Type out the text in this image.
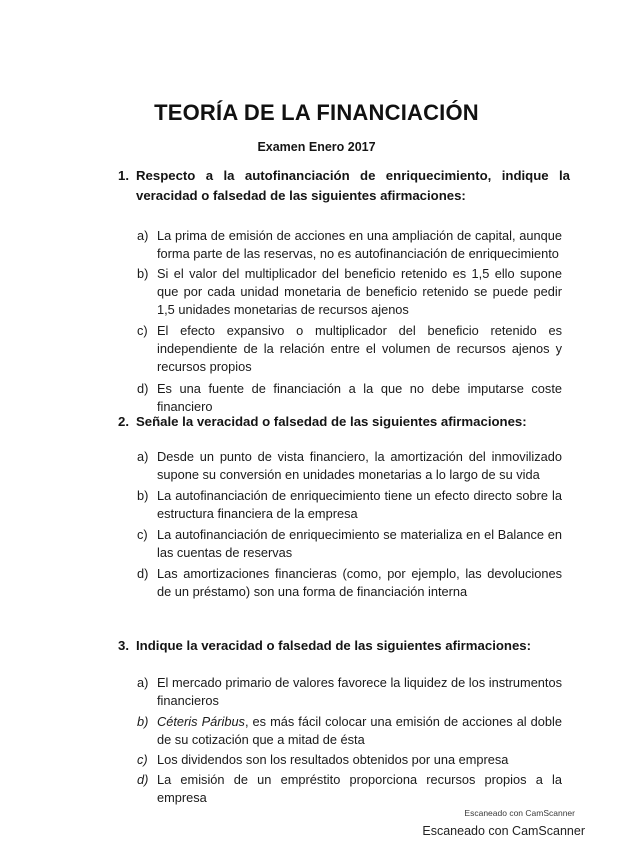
TEORÍA DE LA FINANCIACIÓN
Examen Enero 2017
1. Respecto a la autofinanciación de enriquecimiento, indique la veracidad o falsedad de las siguientes afirmaciones:
a) La prima de emisión de acciones en una ampliación de capital, aunque forma parte de las reservas, no es autofinanciación de enriquecimiento
b) Si el valor del multiplicador del beneficio retenido es 1,5 ello supone que por cada unidad monetaria de beneficio retenido se puede pedir 1,5 unidades monetarias de recursos ajenos
c) El efecto expansivo o multiplicador del beneficio retenido es independiente de la relación entre el volumen de recursos ajenos y recursos propios
d) Es una fuente de financiación a la que no debe imputarse coste financiero
2. Señale la veracidad o falsedad de las siguientes afirmaciones:
a) Desde un punto de vista financiero, la amortización del inmovilizado supone su conversión en unidades monetarias a lo largo de su vida
b) La autofinanciación de enriquecimiento tiene un efecto directo sobre la estructura financiera de la empresa
c) La autofinanciación de enriquecimiento se materializa en el Balance en las cuentas de reservas
d) Las amortizaciones financieras (como, por ejemplo, las devoluciones de un préstamo) son una forma de financiación interna
3. Indique la veracidad o falsedad de las siguientes afirmaciones:
a) El mercado primario de valores favorece la liquidez de los instrumentos financieros
b) Céteris Páribus, es más fácil colocar una emisión de acciones al doble de su cotización que a mitad de ésta
c) Los dividendos son los resultados obtenidos por una empresa
d) La emisión de un empréstito proporciona recursos propios a la empresa
Escaneado con CamScanner
Escaneado con CamScanner
